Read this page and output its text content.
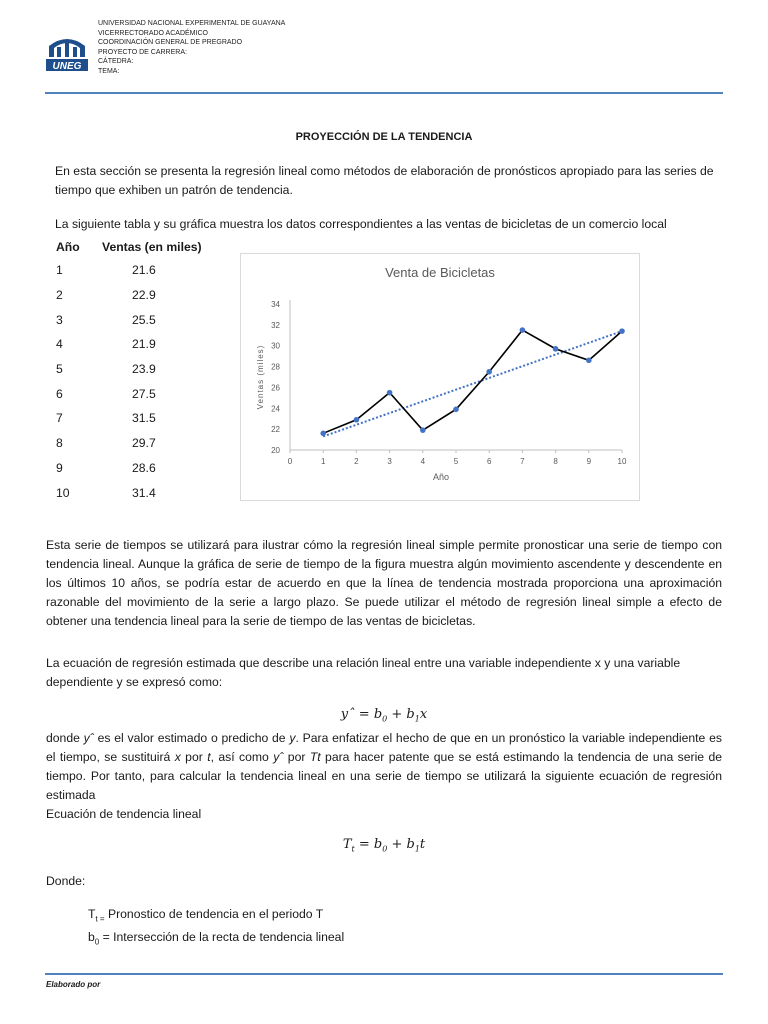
UNEG
UNIVERSIDAD NACIONAL EXPERIMENTAL DE GUAYANA
VICERRECTORADO ACADÉMICO
COORDINACIÓN GENERAL DE PREGRADO
PROYECTO DE CARRERA:
CÁTEDRA:
TEMA:
PROYECCIÓN DE LA TENDENCIA
En esta sección se presenta la regresión lineal como métodos de elaboración de pronósticos apropiado para las series de tiempo que exhiben un patrón de tendencia.
La siguiente tabla y su gráfica muestra los datos correspondientes a las ventas de bicicletas de un comercio local
Año	Ventas (en miles)
1	21.6
2	22.9
3	25.5
4	21.9
5	23.9
6	27.5
7	31.5
8	29.7
9	28.6
10	31.4
Venta de Bicicletas
20
22
24
26
28
30
32
34
0	1	2	3	4	5	6	7	8	9	10
Año
Ventas (miles)
Esta serie de tiempos se utilizará para ilustrar cómo la regresión lineal simple permite pronosticar una serie de tiempo con tendencia lineal. Aunque la gráfica de serie de tiempo de la figura muestra algún movimiento ascendente y descendente en los últimos 10 años, se podría estar de acuerdo en que la línea de tendencia mostrada proporciona una aproximación razonable del movimiento de la serie a largo plazo. Se puede utilizar el método de regresión lineal simple a efecto de obtener una tendencia lineal para la serie de tiempo de las ventas de bicicletas.
La ecuación de regresión estimada que describe una relación lineal entre una variable independiente x y una variable dependiente y se expresó como:
yˆ = $b_0 + b_1x$
donde yˆ es el valor estimado o predicho de y. Para enfatizar el hecho de que en un pronóstico la variable independiente es el tiempo, se sustituirá x por t, así como yˆ por Tt para hacer patente que se está estimando la tendencia de una serie de tiempo. Por tanto, para calcular la tendencia lineal en una serie de tiempo se utilizará la siguiente ecuación de regresión estimada
Ecuación de tendencia lineal
$T_t = b_0 + b_1t$
Donde:
$T_{t =}$ Pronostico de tendencia en el periodo T
$b_0$ = Intersección de la recta de tendencia lineal
Elaborado por
